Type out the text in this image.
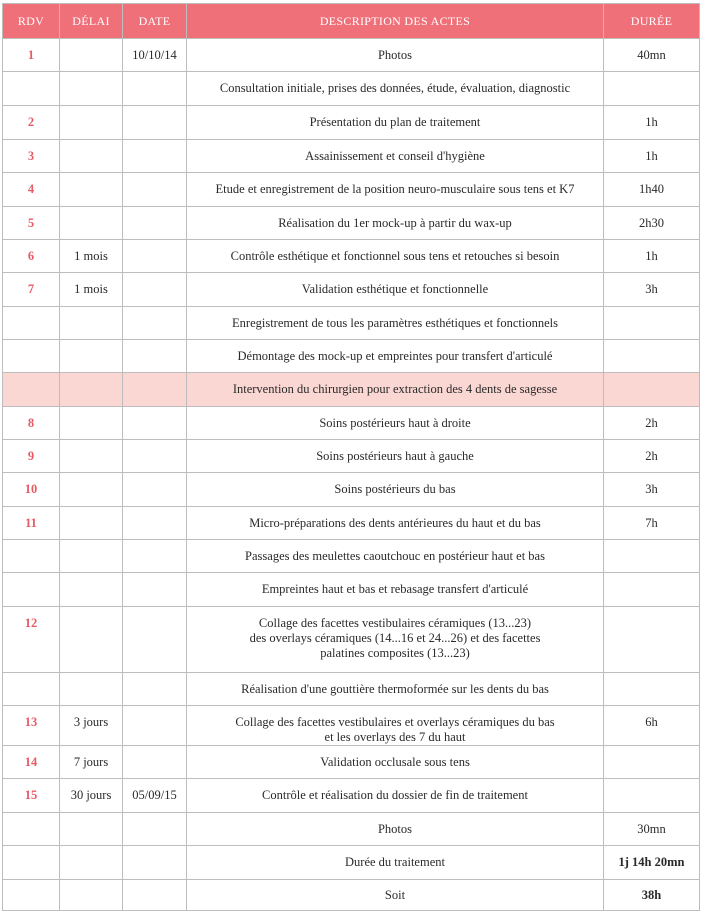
RDV	DÉLAI	DATE	DESCRIPTION DES ACTES	DURÉE
1		10/10/14	Photos	40mn

			Consultation initiale, prises des données, étude, évaluation, diagnostic	

2			Présentation du plan de traitement	1h
3			Assainissement et conseil d'hygiène	1h
4			Etude et enregistrement de la position neuro-musculaire sous tens et K7	1h40
5			Réalisation du 1er mock-up à partir du wax-up	2h30
6	1 mois		Contrôle esthétique et fonctionnel sous tens et retouches si besoin	1h
7	1 mois		Validation esthétique et fonctionnelle	3h

			Enregistrement de tous les paramètres esthétiques et fonctionnels	

			Démontage des mock-up et empreintes pour transfert d'articulé	

			Intervention du chirurgien pour extraction des 4 dents de sagesse	

8			Soins postérieurs haut à droite	2h
9			Soins postérieurs haut à gauche	2h
10			Soins postérieurs du bas	3h
11			Micro-préparations des dents antérieures du haut et du bas	7h

			Passages des meulettes caoutchouc en postérieur haut et bas	

			Empreintes haut et bas et rebasage transfert d'articulé	

12			Collage des facettes vestibulaires céramiques (13...23)
des overlays céramiques (14...16 et 24...26) et des facettes
palatines composites (13...23)	

			Réalisation d'une gouttière thermoformée sur les dents du bas	

13	3 jours		Collage des facettes vestibulaires et overlays céramiques du bas
et les overlays des 7 du haut	6h
14	7 jours		Validation occlusale sous tens	

15	30 jours	05/09/15	Contrôle et réalisation du dossier de fin de traitement	

			Photos	30mn

			Durée du traitement	1j 14h 20mn

			Soit	38h
